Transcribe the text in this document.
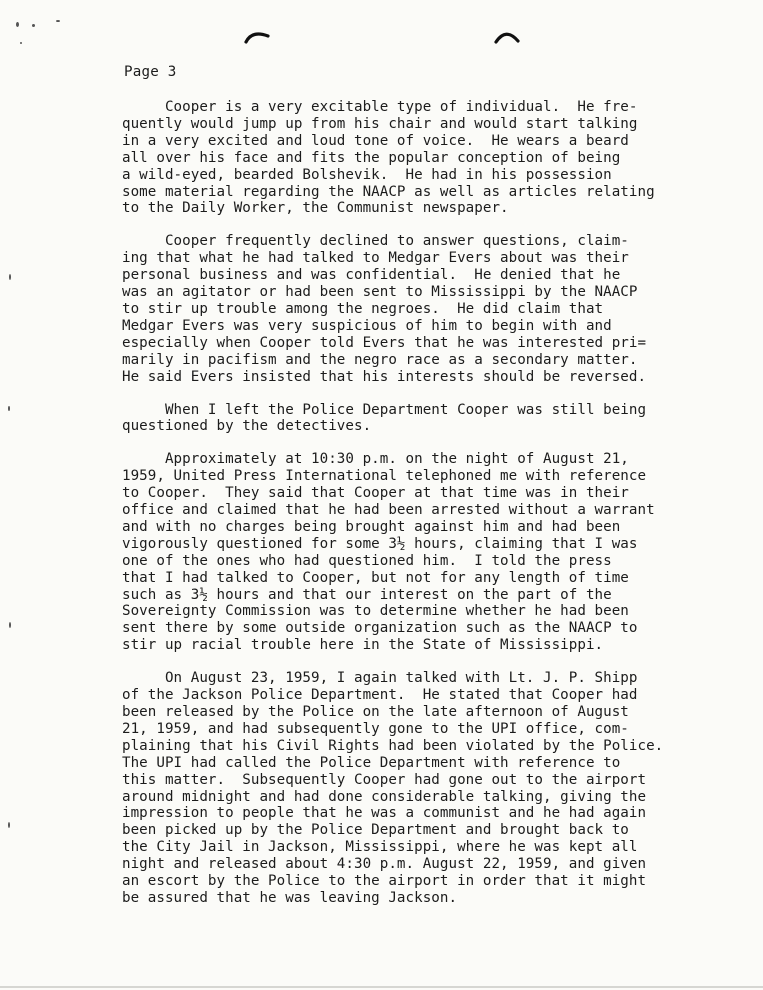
Page 3

Cooper is a very excitable type of individual.  He fre-
quently would jump up from his chair and would start talking
in a very excited and loud tone of voice.  He wears a beard
all over his face and fits the popular conception of being
a wild-eyed, bearded Bolshevik.  He had in his possession
some material regarding the NAACP as well as articles relating
to the Daily Worker, the Communist newspaper.

Cooper frequently declined to answer questions, claim-
ing that what he had talked to Medgar Evers about was their
personal business and was confidential.  He denied that he
was an agitator or had been sent to Mississippi by the NAACP
to stir up trouble among the negroes.  He did claim that
Medgar Evers was very suspicious of him to begin with and
especially when Cooper told Evers that he was interested pri=
marily in pacifism and the negro race as a secondary matter.
He said Evers insisted that his interests should be reversed.

When I left the Police Department Cooper was still being
questioned by the detectives.

Approximately at 10:30 p.m. on the night of August 21,
1959, United Press International telephoned me with reference
to Cooper.  They said that Cooper at that time was in their
office and claimed that he had been arrested without a warrant
and with no charges being brought against him and had been
vigorously questioned for some 3½ hours, claiming that I was
one of the ones who had questioned him.  I told the press
that I had talked to Cooper, but not for any length of time
such as 3½ hours and that our interest on the part of the
Sovereignty Commission was to determine whether he had been
sent there by some outside organization such as the NAACP to
stir up racial trouble here in the State of Mississippi.

On August 23, 1959, I again talked with Lt. J. P. Shipp
of the Jackson Police Department.  He stated that Cooper had
been released by the Police on the late afternoon of August
21, 1959, and had subsequently gone to the UPI office, com-
plaining that his Civil Rights had been violated by the Police.
The UPI had called the Police Department with reference to
this matter.  Subsequently Cooper had gone out to the airport
around midnight and had done considerable talking, giving the
impression to people that he was a communist and he had again
been picked up by the Police Department and brought back to
the City Jail in Jackson, Mississippi, where he was kept all
night and released about 4:30 p.m. August 22, 1959, and given
an escort by the Police to the airport in order that it might
be assured that he was leaving Jackson.
